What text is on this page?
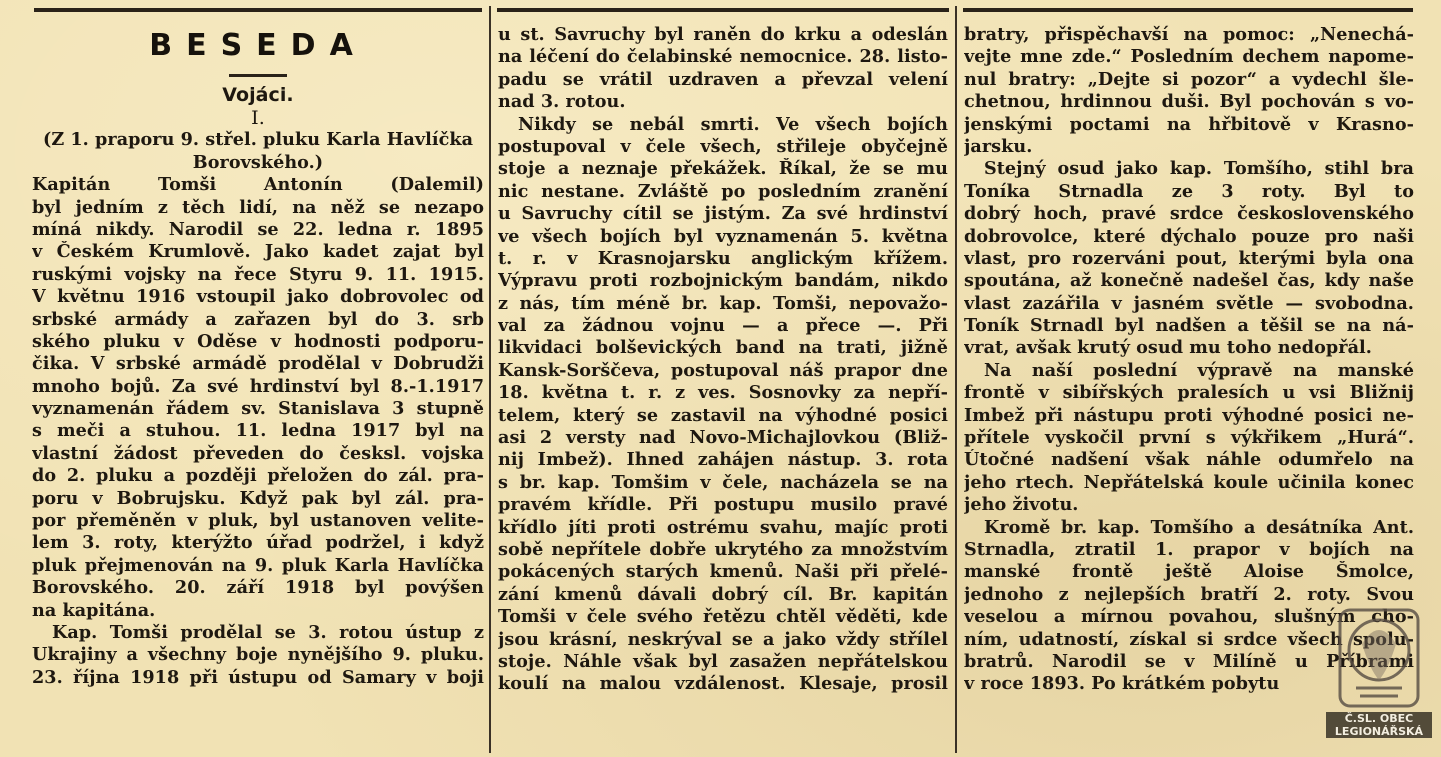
BESEDA
Vojáci.
I.
(Z 1. praporu 9. střel. pluku Karla Havlíčka
Borovského.)
Kapitán Tomši Antonín (Dalemil)
byl jedním z těch lidí, na něž se nezapo
míná nikdy. Narodil se 22. ledna r. 1895
v Českém Krumlově. Jako kadet zajat byl
ruskými vojsky na řece Styru 9. 11. 1915.
V květnu 1916 vstoupil jako dobrovolec od
srbské armády a zařazen byl do 3. srb
ského pluku v Oděse v hodnosti podporu-
čika. V srbské armádě prodělal v Dobrudži
mnoho bojů. Za své hrdinství byl 8.-1.1917
vyznamenán řádem sv. Stanislava 3 stupně
s meči a stuhou. 11. ledna 1917 byl na
vlastní žádost převeden do česksl. vojska
do 2. pluku a později přeložen do zál. pra-
poru v Bobrujsku. Když pak byl zál. pra-
por přeměněn v pluk, byl ustanoven velite-
lem 3. roty, kterýžto úřad podržel, i když
pluk přejmenován na 9. pluk Karla Havlíčka
Borovského. 20. září 1918 byl povýšen
na kapitána.
Kap. Tomši prodělal se 3. rotou ústup z
Ukrajiny a všechny boje nynějšího 9. pluku.
23. října 1918 při ústupu od Samary v boji
u st. Savruchy byl raněn do krku a odeslán
na léčení do čelabinské nemocnice. 28. listo-
padu se vrátil uzdraven a převzal velení
nad 3. rotou.
Nikdy se nebál smrti. Ve všech bojích
postupoval v čele všech, střileje obyčejně
stoje a neznaje překážek. Říkal, že se mu
nic nestane. Zvláště po posledním zranění
u Savruchy cítil se jistým. Za své hrdinství
ve všech bojích byl vyznamenán 5. května
t. r. v Krasnojarsku anglickým křížem.
Výpravu proti rozbojnickým bandám, nikdo
z nás, tím méně br. kap. Tomši, nepovažo-
val za žádnou vojnu — a přece —. Při
likvidaci bolševických band na trati, jižně
Kansk-Sorščeva, postupoval náš prapor dne
18. května t. r. z ves. Sosnovky za nepří-
telem, který se zastavil na výhodné posici
asi 2 versty nad Novo-Michajlovkou (Bliž-
nij Imbež). Ihned zahájen nástup. 3. rota
s br. kap. Tomšim v čele, nacházela se na
pravém křídle. Při postupu musilo pravé
křídlo jíti proti ostrému svahu, majíc proti
sobě nepřítele dobře ukrytého za množstvím
pokácených starých kmenů. Naši při přelé-
zání kmenů dávali dobrý cíl. Br. kapitán
Tomši v čele svého řetězu chtěl věděti, kde
jsou krásní, neskrýval se a jako vždy střílel
stoje. Náhle však byl zasažen nepřátelskou
koulí na malou vzdálenost. Klesaje, prosil
bratry, přispěchavší na pomoc: „Nenechá-
vejte mne zde.“ Posledním dechem napome-
nul bratry: „Dejte si pozor“ a vydechl šle-
chetnou, hrdinnou duši. Byl pochován s vo-
jenskými poctami na hřbitově v Krasno-
jarsku.
Stejný osud jako kap. Tomšího, stihl bra
Toníka Strnadla ze 3 roty. Byl to
dobrý hoch, pravé srdce československého
dobrovolce, které dýchalo pouze pro naši
vlast, pro rozerváni pout, kterými byla ona
spoutána, až konečně nadešel čas, kdy naše
vlast zazářila v jasném světle — svobodna.
Toník Strnadl byl nadšen a těšil se na ná-
vrat, avšak krutý osud mu toho nedopřál.
Na naší poslední výpravě na manské
frontě v sibířských pralesích u vsi Bližnij
Imbež při nástupu proti výhodné posici ne-
přítele vyskočil první s výkřikem „Hurá“.
Útočné nadšení však náhle odumřelo na
jeho rtech. Nepřátelská koule učinila konec
jeho životu.
Kromě br. kap. Tomšího a desátníka Ant.
Strnadla, ztratil 1. prapor v bojích na
manské frontě ještě Aloise Šmolce,
jednoho z nejlepších bratří 2. roty. Svou
veselou a mírnou povahou, slušným cho-
ním, udatností, získal si srdce všech spolu-
bratrů. Narodil se v Milíně u Příbrami
v roce 1893. Po krátkém pobytu
Č.SL. OBEC
LEGIONÁŘSKÁ
